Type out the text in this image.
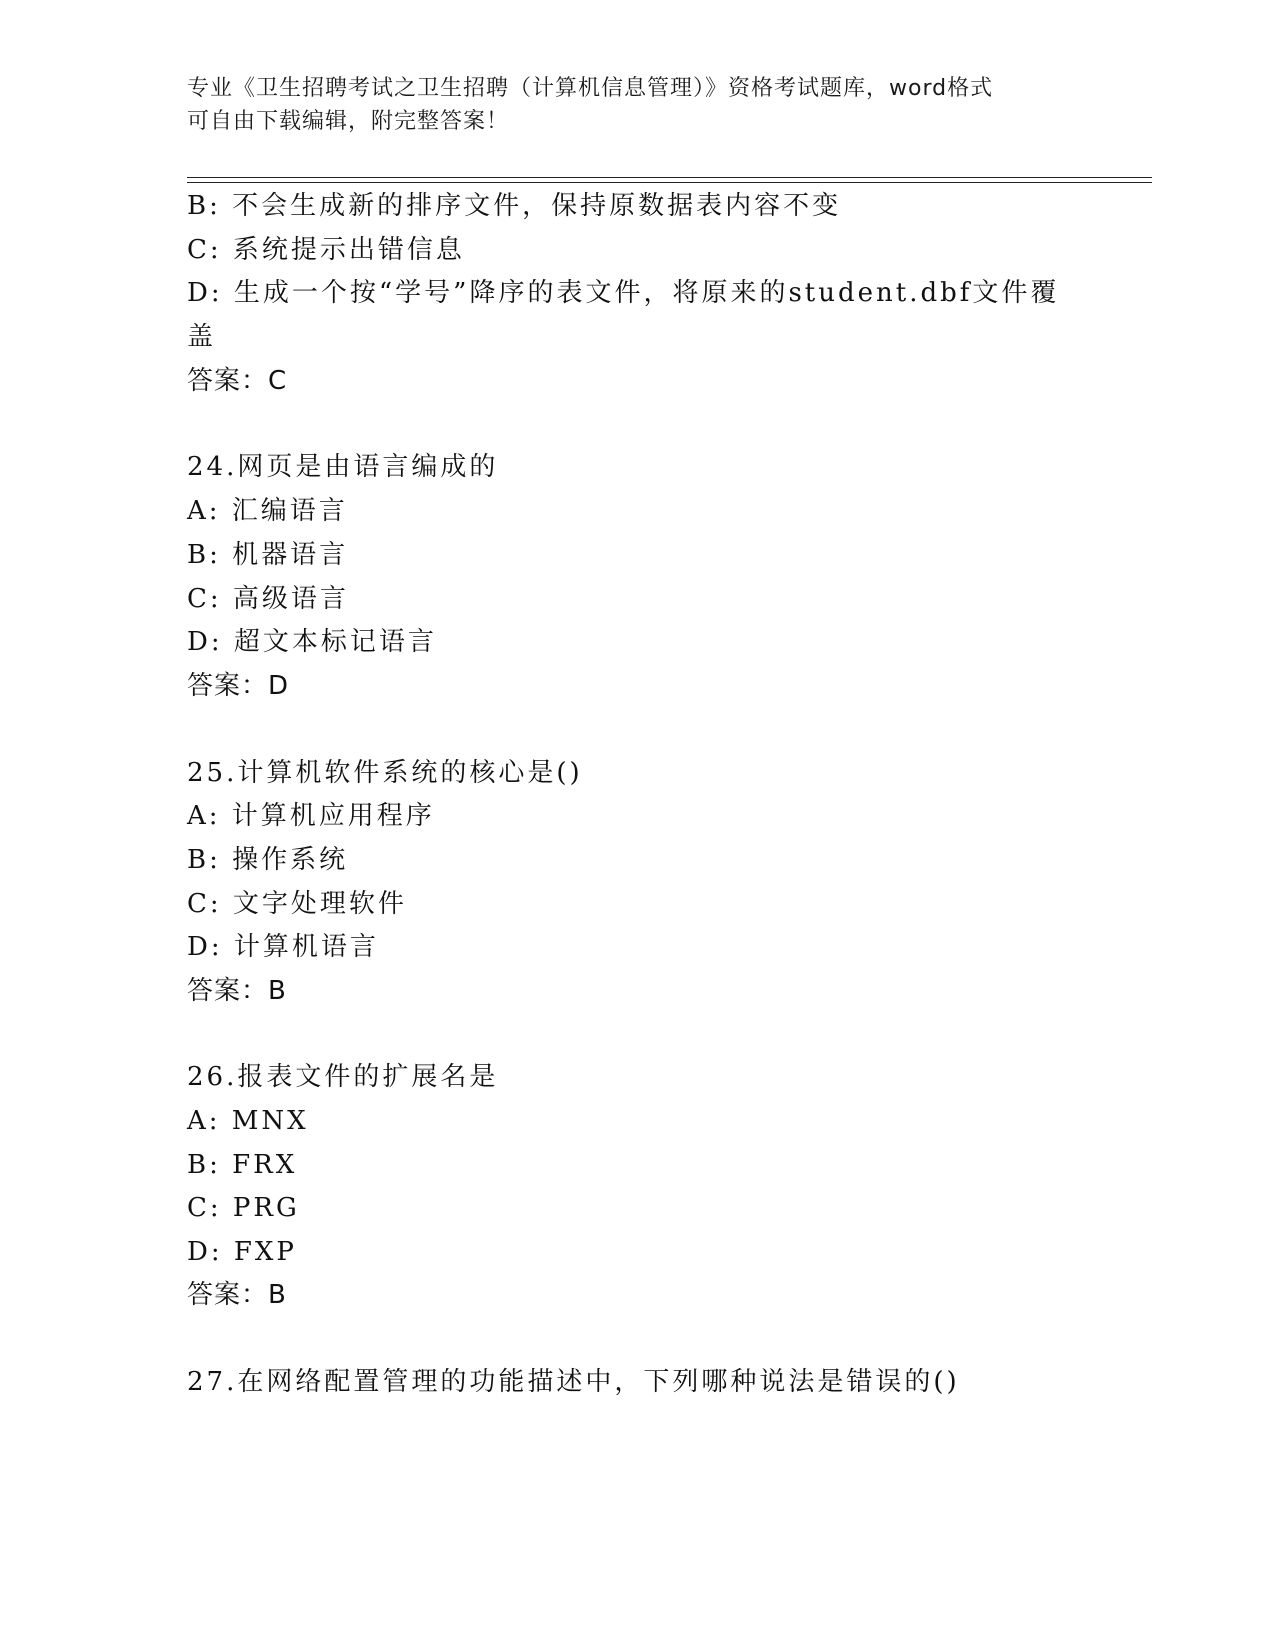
专业《卫生招聘考试之卫生招聘（计算机信息管理）》资格考试题库，word格式
可自由下载编辑，附完整答案！
B: 不会生成新的排序文件，保持原数据表内容不变
C: 系统提示出错信息
D: 生成一个按“学号”降序的表文件，将原来的student.dbf文件覆
盖
答案：C
24.网页是由语言编成的
A: 汇编语言
B: 机器语言
C: 高级语言
D: 超文本标记语言
答案：D
25.计算机软件系统的核心是()
A: 计算机应用程序
B: 操作系统
C: 文字处理软件
D: 计算机语言
答案：B
26.报表文件的扩展名是
A: MNX
B: FRX
C: PRG
D: FXP
答案：B
27.在网络配置管理的功能描述中，下列哪种说法是错误的()
